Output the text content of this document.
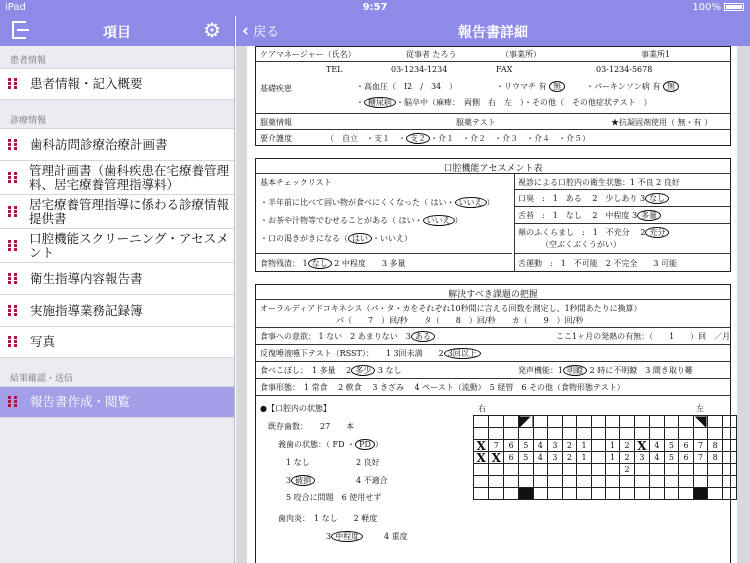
iPad	9:57	100%
項目	⚙ ‹ 戻る	報告書詳細
患者情報
患者情報・記入概要
診療情報
歯科訪問診療治療計画書
管理計画書（歯科疾患在宅療養管理料、居宅療養管理指導料）
居宅療養管理指導に係わる診療情報提供書
口腔機能スクリーニング・アセスメント
衛生指導内容報告書
実施指導業務記録簿
写真
結果確認・送信
報告書作成・閲覧
ケアマネージャー（氏名）	従事者 たろう	（事業所）	事業所1
TEL	03-1234-1234	FAX	03-1234-5678
基礎疾患	・高血圧（　I2　/　34　）	・リウマチ 有 無	・パーキンソン病 有 無
・ 糖尿病 ・脳卒中（麻痺：　両側　右　左　）・その他（　その他症状テスト　）
服薬情報	服薬テスト	★抗凝固剤使用（ 無・有 ）
要介護度	（　自立　・支１　・ 支２ ・介１　・介２　・介３　・介４　・介５）
口腔機能アセスメント表
基本チェックリスト
・半年前に比べて固い物が食べにくくなった（ はい・ いいえ ）
・お茶や汁物等でむせることがある（ はい・ いいえ ）
・口の渇きがきになる（ はい ・いいえ）
食物残渣： 1 なし 2 中程度　　3 多量
視診による口腔内の衛生状態：1 不良 2 良好
口臭　:　1　ある　 2　少しあり 3 なし
舌苔　:　1　なし　 2　中程度 3 多量
頬のふくらまし　:　1　不充分　 2 充分
（空ぶくぶくうがい）
舌運動　:　1　不可能　2 不完全　　3 可能
解決すべき課題の把握
オーラルディアドコキネシス（パ・タ・カをそれぞれ10秒間に言える回数を測定し、1秒間あたりに換算）
パ（　　7　）回/秒　　タ（　　8　）回/秒　　カ（　　9　）回/秒
食事への意欲： 1 ない　2 あまりない　3 ある	ここ1ヶ月の発熱の有無：（　　1　　）回　／月
反復唾液嚥下テスト（RSST）：　　1 3回未満　　2 3回以上
食べこぼし：　1 多量　 2 多少 3 なし	発声機能：1 明瞭 2 時に不明瞭　3 聞き取り難
食事形態：　1 常食　 2 軟食　 3 きざみ　 4 ペースト（流動）　5 経管　6 その他（食物形態テスト）
●【口腔内の状態】
既存歯数：　　27　　本
義歯の状態：（ FD ・ PD ）
1 なし	2 良好
3 破損	4 不適合
5 咬合に問題　6 使用せず
歯肉炎：　1 なし　　2 軽度
3 中程度	4 重度
右	左

X	7	6	5	4	3	2	1		1	2	X	4	5	6	7	8	
X	X	6	5	4	3	2	1		1	2	3	4	5	6	7	8	
										2							
